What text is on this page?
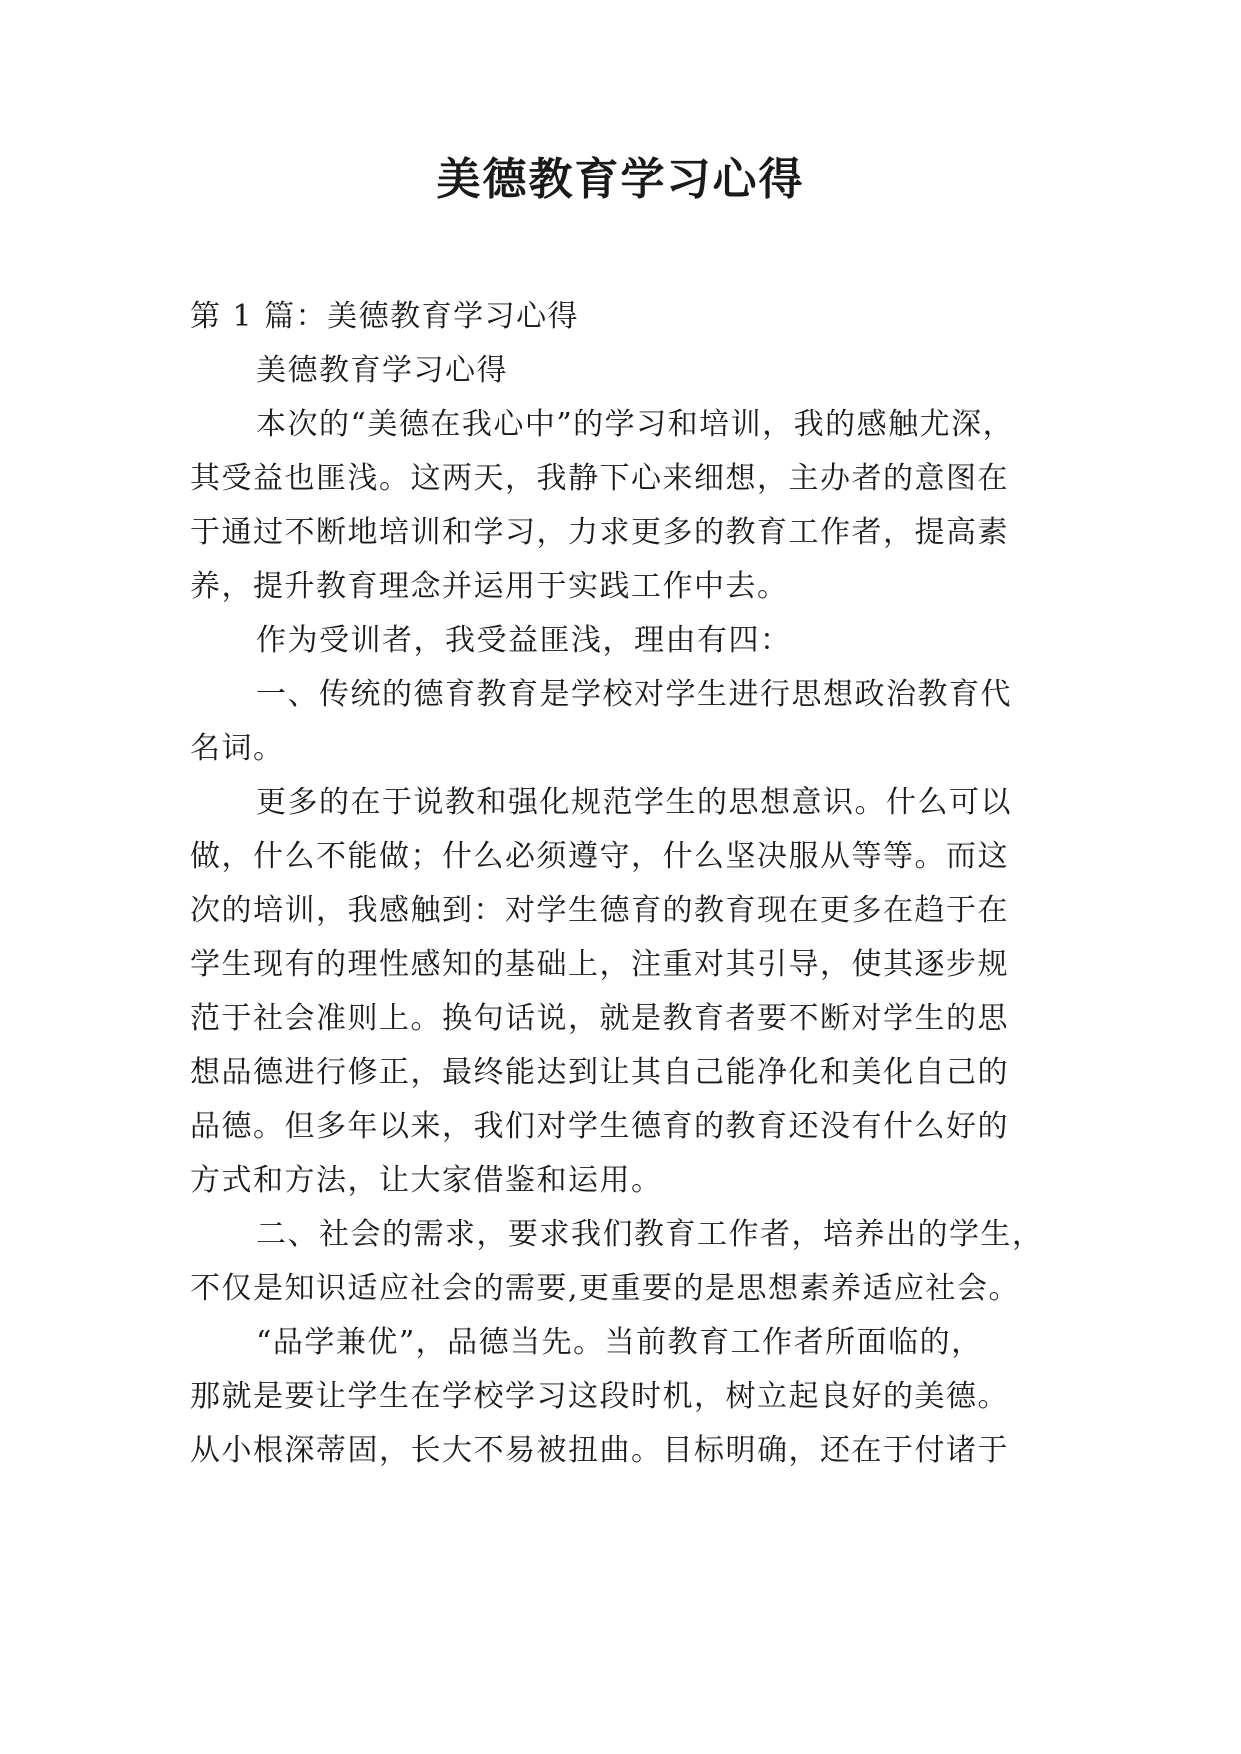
美德教育学习心得
第 1 篇：美德教育学习心得
美德教育学习心得
本次的“美德在我心中”的学习和培训，我的感触尤深，
其受益也匪浅。这两天，我静下心来细想，主办者的意图在
于通过不断地培训和学习，力求更多的教育工作者，提高素
养，提升教育理念并运用于实践工作中去。
作为受训者，我受益匪浅，理由有四：
一、传统的德育教育是学校对学生进行思想政治教育代
名词。
更多的在于说教和强化规范学生的思想意识。什么可以
做，什么不能做；什么必须遵守，什么坚决服从等等。而这
次的培训，我感触到：对学生德育的教育现在更多在趋于在
学生现有的理性感知的基础上，注重对其引导，使其逐步规
范于社会准则上。换句话说，就是教育者要不断对学生的思
想品德进行修正，最终能达到让其自己能净化和美化自己的
品德。但多年以来，我们对学生德育的教育还没有什么好的
方式和方法，让大家借鉴和运用。
二、社会的需求，要求我们教育工作者，培养出的学生，
不仅是知识适应社会的需要,更重要的是思想素养适应社会。
“品学兼优”，品德当先。当前教育工作者所面临的，
那就是要让学生在学校学习这段时机，树立起良好的美德。
从小根深蒂固，长大不易被扭曲。目标明确，还在于付诸于
